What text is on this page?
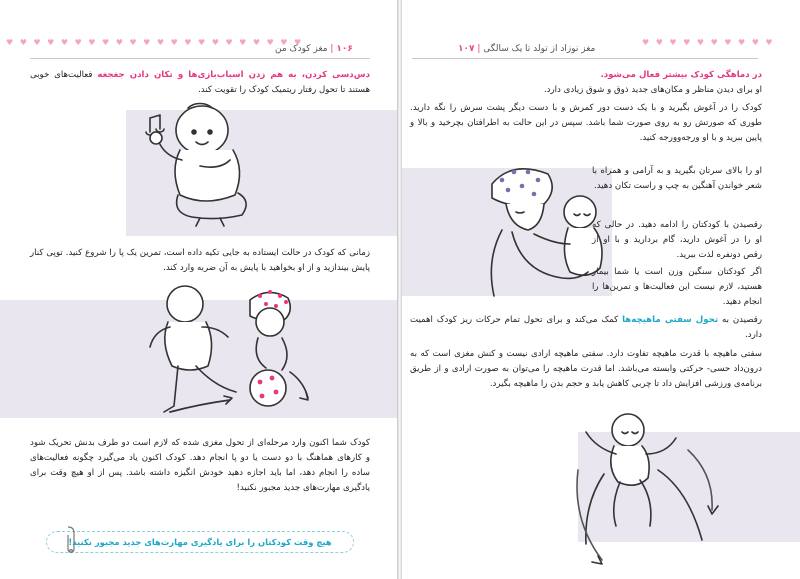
♥ ♥ ♥ ♥ ♥ ♥ ♥ ♥ ♥ ♥ ♥ ♥ ♥ ♥ ♥ ♥ ♥ ♥ ♥ ♥ ♥ ♥
۱۰۶ | مغز کودک من
دس‌دسی کردن، به هم زدن اسباب‌بازی‌ها و تکان دادن جغجغه فعالیت‌های خوبی هستند تا تحول رفتار ریتمیک کودک را تقویت کند.
زمانی که کودک در حالت ایستاده به جایی تکیه داده است، تمرین یک پا را شروع کنید. توپی کنار پایش بیندازید و از او بخواهید با پایش به آن ضربه وارد کند.
کودک شما اکنون وارد مرحله‌ای از تحول مغزی شده که لازم است دو طرف بدنش تحریک شود و کارهای هماهنگ با دو دست یا دو پا انجام دهد. کودک اکنون یاد می‌گیرد چگونه فعالیت‌های ساده را انجام دهد، اما باید اجازه دهید خودش انگیزه داشته باشد. پس از او هیچ وقت برای یادگیری مهارت‌های جدید مجبور نکنید!
هیچ وقت کودکتان را برای یادگیری مهارت‌های جدید مجبور نکنید!
♥ ♥ ♥ ♥ ♥ ♥ ♥ ♥ ♥ ♥
مغز نوزاد از تولد تا یک سالگی | ۱۰۷
در دماهگی کودک بیشتر فعال می‌شود.
او برای دیدن مناظر و مکان‌های جدید ذوق و شوق زیادی دارد.
کودک را در آغوش بگیرید و با یک دست دور کمرش و با دست دیگر پشت سرش را نگه دارید. طوری که صورتش رو به روی صورت شما باشد. سپس در این حالت به اطرافتان بچرخید و بالا و پایین ببرید و با او ورجه‌وورجه کنید.
او را بالای سرتان بگیرید و به آرامی و همراه با شعر خواندن آهنگین به چپ و راست تکان دهید.
رقصیدن با کودکتان را ادامه دهید. در حالی که او را در آغوش دارید، گام بردارید و با او از رقص دونفره لذت ببرید.
اگر کودکتان سنگین وزن است یا شما بیمار هستید، لازم نیست این فعالیت‌ها و تمرین‌ها را انجام دهید.
رقصیدن به تحول سفتی ماهیچه‌ها کمک می‌کند و برای تحول تمام حرکات ریز کودک اهمیت دارد.
سفتی ماهیچه با قدرت ماهیچه تفاوت دارد. سفتی ماهیچه ارادی نیست و کنش مغزی است که به درون‌داد حسی- حرکتی وابسته می‌باشد. اما قدرت ماهیچه را می‌توان به صورت ارادی و از طریق برنامه‌ی ورزشی افزایش داد تا چربی کاهش یابد و حجم بدن را ماهیچه بگیرد.
